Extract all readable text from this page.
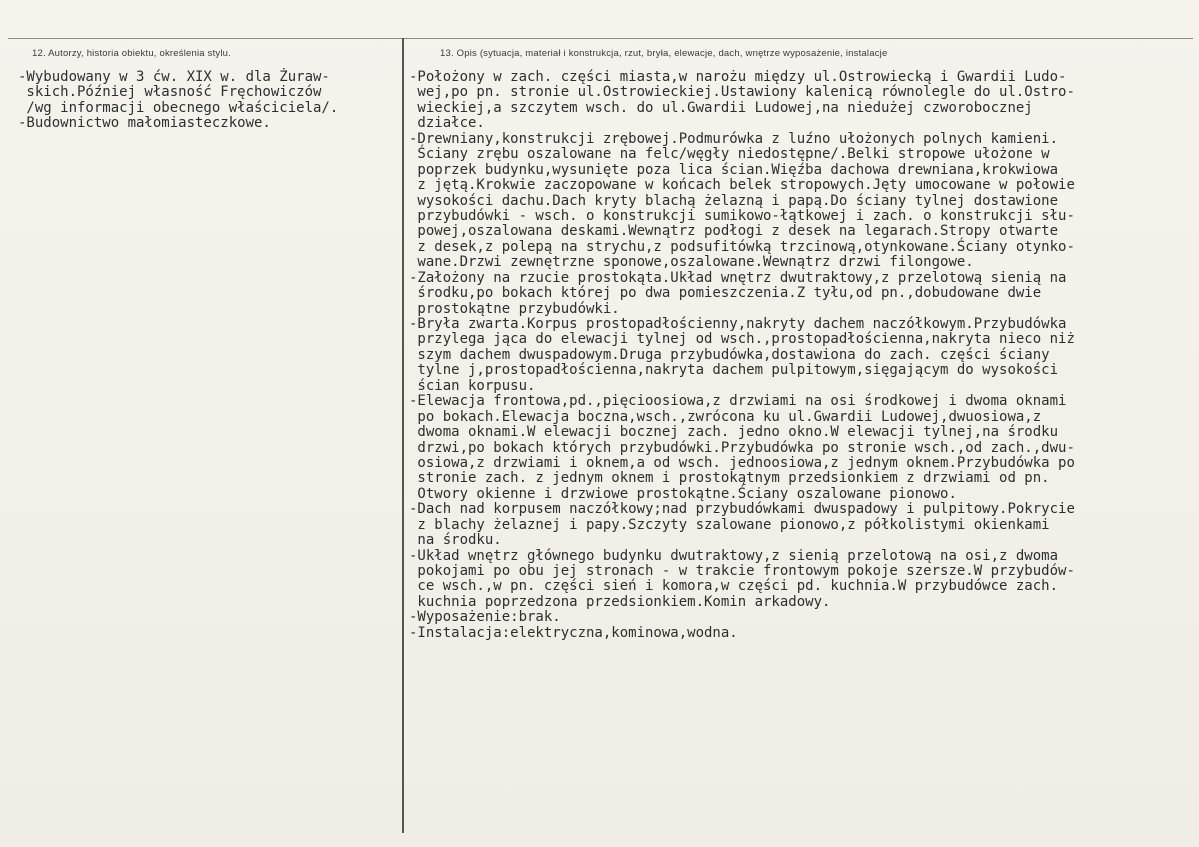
12. Autorzy, historia obiektu, określenia stylu.	13. Opis (sytuacja, materiał i konstrukcja, rzut, bryła, elewacje, dach, wnętrze wyposażenie, instalacje
-Wybudowany w 3 ćw. XIX w. dla Żuraw-
skich.Później własność Fręchowiczów
/wg informacji obecnego właściciela/.
-Budownictwo małomiasteczkowe.
-Położony w zach. części miasta,w narożu między ul.Ostrowiecką i Gwardii Ludo-
wej,po pn. stronie ul.Ostrowieckiej.Ustawiony kalenicą równolegle do ul.Ostro-
wieckiej,a szczytem wsch. do ul.Gwardii Ludowej,na niedużej czworobocznej
działce.
-Drewniany,konstrukcji zrębowej.Podmurówka z luźno ułożonych polnych kamieni.
Ściany zrębu oszalowane na felc/węgły niedostępne/.Belki stropowe ułożone w
poprzek budynku,wysunięte poza lica ścian.Więźba dachowa drewniana,krokwiowa
z jętą.Krokwie zaczopowane w końcach belek stropowych.Jęty umocowane w połowie
wysokości dachu.Dach kryty blachą żelazną i papą.Do ściany tylnej dostawione
przybudówki - wsch. o konstrukcji sumikowo-łątkowej i zach. o konstrukcji słu-
powej,oszalowana deskami.Wewnątrz podłogi z desek na legarach.Stropy otwarte
z desek,z polepą na strychu,z podsufitówką trzcinową,otynkowane.Ściany otynko-
wane.Drzwi zewnętrzne sponowe,oszalowane.Wewnątrz drzwi filongowe.
-Założony na rzucie prostokąta.Układ wnętrz dwutraktowy,z przelotową sienią na
środku,po bokach której po dwa pomieszczenia.Z tyłu,od pn.,dobudowane dwie
prostokątne przybudówki.
-Bryła zwarta.Korpus prostopadłościenny,nakryty dachem naczółkowym.Przybudówka
przylega jąca do elewacji tylnej od wsch.,prostopadłościenna,nakryta nieco niż
szym dachem dwuspadowym.Druga przybudówka,dostawiona do zach. części ściany
tylne j,prostopadłościenna,nakryta dachem pulpitowym,sięgającym do wysokości
ścian korpusu.
-Elewacja frontowa,pd.,pięcioosiowa,z drzwiami na osi środkowej i dwoma oknami
po bokach.Elewacja boczna,wsch.,zwrócona ku ul.Gwardii Ludowej,dwuosiowa,z
dwoma oknami.W elewacji bocznej zach. jedno okno.W elewacji tylnej,na środku
drzwi,po bokach których przybudówki.Przybudówka po stronie wsch.,od zach.,dwu-
osiowa,z drzwiami i oknem,a od wsch. jednoosiowa,z jednym oknem.Przybudówka po
stronie zach. z jednym oknem i prostokątnym przedsionkiem z drzwiami od pn.
Otwory okienne i drzwiowe prostokątne.Ściany oszalowane pionowo.
-Dach nad korpusem naczółkowy;nad przybudówkami dwuspadowy i pulpitowy.Pokrycie
z blachy żelaznej i papy.Szczyty szalowane pionowo,z półkolistymi okienkami
na środku.
-Układ wnętrz głównego budynku dwutraktowy,z sienią przelotową na osi,z dwoma
pokojami po obu jej stronach - w trakcie frontowym pokoje szersze.W przybudów-
ce wsch.,w pn. części sień i komora,w części pd. kuchnia.W przybudówce zach.
kuchnia poprzedzona przedsionkiem.Komin arkadowy.
-Wyposażenie:brak.
-Instalacja:elektryczna,kominowa,wodna.
